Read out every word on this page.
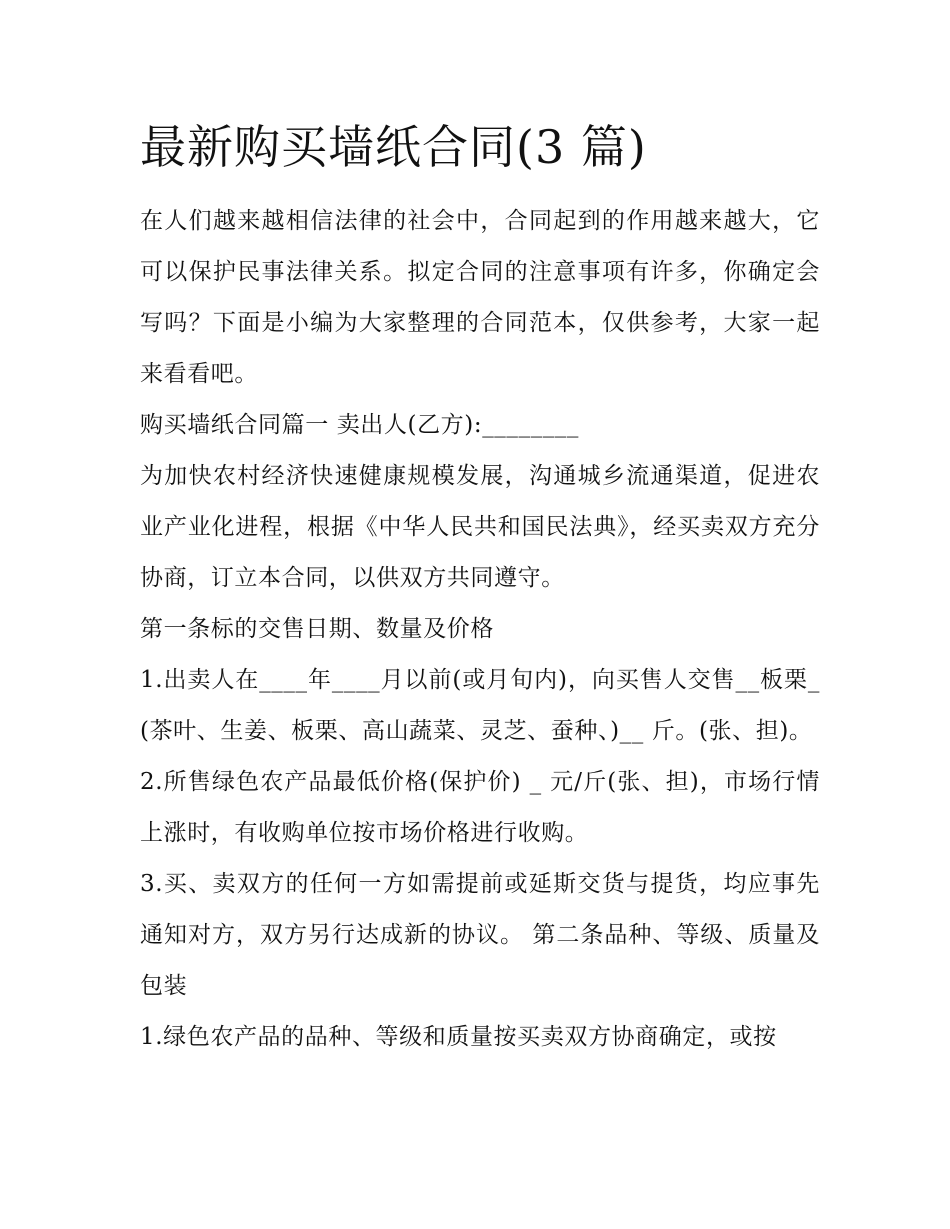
最新购买墙纸合同(3 篇)

在人们越来越相信法律的社会中，合同起到的作用越来越大，它可以保护民事法律关系。拟定合同的注意事项有许多，你确定会写吗？下面是小编为大家整理的合同范本，仅供参考，大家一起来看看吧。

购买墙纸合同篇一 卖出人(乙方):________

为加快农村经济快速健康规模发展，沟通城乡流通渠道，促进农业产业化进程，根据《中华人民共和国民法典》，经买卖双方充分协商，订立本合同，以供双方共同遵守。

第一条标的交售日期、数量及价格

1.出卖人在____年____月以前(或月旬内)，向买售人交售__板栗_(茶叶、生姜、板栗、高山蔬菜、灵芝、蚕种、)__ 斤。(张、担)。

2.所售绿色农产品最低价格(保护价) _ 元/斤(张、担)，市场行情上涨时，有收购单位按市场价格进行收购。

3.买、卖双方的任何一方如需提前或延斯交货与提货，均应事先通知对方，双方另行达成新的协议。 第二条品种、等级、质量及包装

1.绿色农产品的品种、等级和质量按买卖双方协商确定，或按
